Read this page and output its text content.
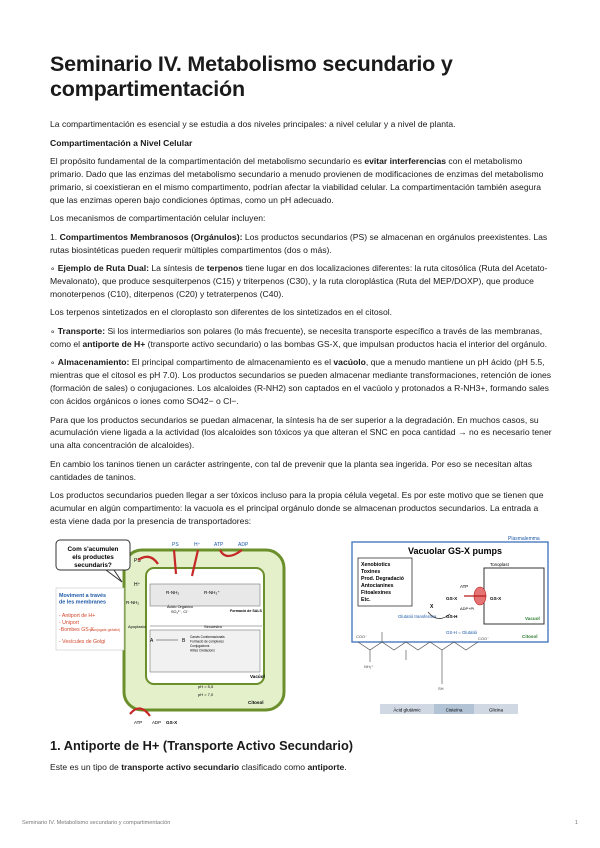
Seminario IV. Metabolismo secundario y compartimentación

La compartimentación es esencial y se estudia a dos niveles principales: a nivel celular y a nivel de planta.

Compartimentación a Nivel Celular

El propósito fundamental de la compartimentación del metabolismo secundario es evitar interferencias con el metabolismo primario. Dado que las enzimas del metabolismo secundario a menudo provienen de modificaciones de enzimas del metabolismo primario, si coexistieran en el mismo compartimento, podrían afectar la viabilidad celular. La compartimentación también asegura que las enzimas operen bajo condiciones óptimas, como un pH adecuado.

Los mecanismos de compartimentación celular incluyen:

1. Compartimentos Membranosos (Orgánulos): Los productos secundarios (PS) se almacenan en orgánulos preexistentes. Las rutas biosintéticas pueden requerir múltiples compartimentos (dos o más).

∘ Ejemplo de Ruta Dual: La síntesis de terpenos tiene lugar en dos localizaciones diferentes: la ruta citosólica (Ruta del Acetato-Mevalonato), que produce sesquiterpenos (C15) y triterpenos (C30), y la ruta cloroplástica (Ruta del MEP/DOXP), que produce monoterpenos (C10), diterpenos (C20) y tetraterpenos (C40).

Los terpenos sintetizados en el cloroplasto son diferentes de los sintetizados en el citosol.

∘ Transporte: Si los intermediarios son polares (lo más frecuente), se necesita transporte específico a través de las membranas, como el antiporte de H+ (transporte activo secundario) o las bombas GS-X, que impulsan productos hacia el interior del orgánulo.

∘ Almacenamiento: El principal compartimento de almacenamiento es el vacúolo, que a menudo mantiene un pH ácido (pH 5.5, mientras que el citosol es pH 7.0). Los productos secundarios se pueden almacenar mediante transformaciones, retención de iones (formación de sales) o conjugaciones. Los alcaloides (R-NH2) son captados en el vacúolo y protonados a R-NH3+, formando sales con ácidos orgánicos o iones como SO42− o Cl−.

Para que los productos secundarios se puedan almacenar, la síntesis ha de ser superior a la degradación. En muchos casos, su acumulación viene ligada a la actividad (los alcaloides son tóxicos ya que alteran el SNC en poca cantidad → no es necesario tener una alta concentración de alcaloides).

En cambio los taninos tienen un carácter astringente, con tal de prevenir que la planta sea ingerida. Por eso se necesitan altas cantidades de taninos.

Los productos secundarios pueden llegar a ser tóxicos incluso para la propia célula vegetal. Es por este motivo que se tienen que acumular en algún compartimento: la vacuola es el principal orgánulo donde se almacenan productos secundarios. La entrada a esta viene dada por la presencia de transportadores:

Com s'acumulen els productes secundaris?
Moviment a través de les membranes
- Antiport de H+
- Uniport
-Bombes GS-X
(conjugats glutatió)
- Vesícules de Golgi
PS
PS	H⁺	ATP	ADP
H⁺
R-NH₂	R-NH₃⁺
R-NH₂
Ácido Orgánico SO₄²⁻, Cl⁻	Formació de SALS
Apoplasto	Secuestro
A	B
Canvis Conformacionals Formació de complexes Conjugacions Altres Oxidacions
Vacúol
pH = 5,5
pH = 7,0
Citosol
ATP ADP GS-X
Plasmalemma
Vacuolar GS-X pumps
Xenobiotics
Toxines
Prod. Degradació
Antocianines
Fitoalexines
Etc.
Tonoplast
Vacuol
Citosol
ATP
GS-X	GS-X
ADP+Pi
X
GS-H
Glutatió transferasa
GS-H = Glutatió
COO⁻	COO⁻
SH
NH₃⁺
Àcid glutàmic	Cisteïna	Glicina
1. Antiporte de H+ (Transporte Activo Secundario)

Este es un tipo de transporte activo secundario clasificado como antiporte.

Seminario IV. Metabolismo secundario y compartimentación	1
